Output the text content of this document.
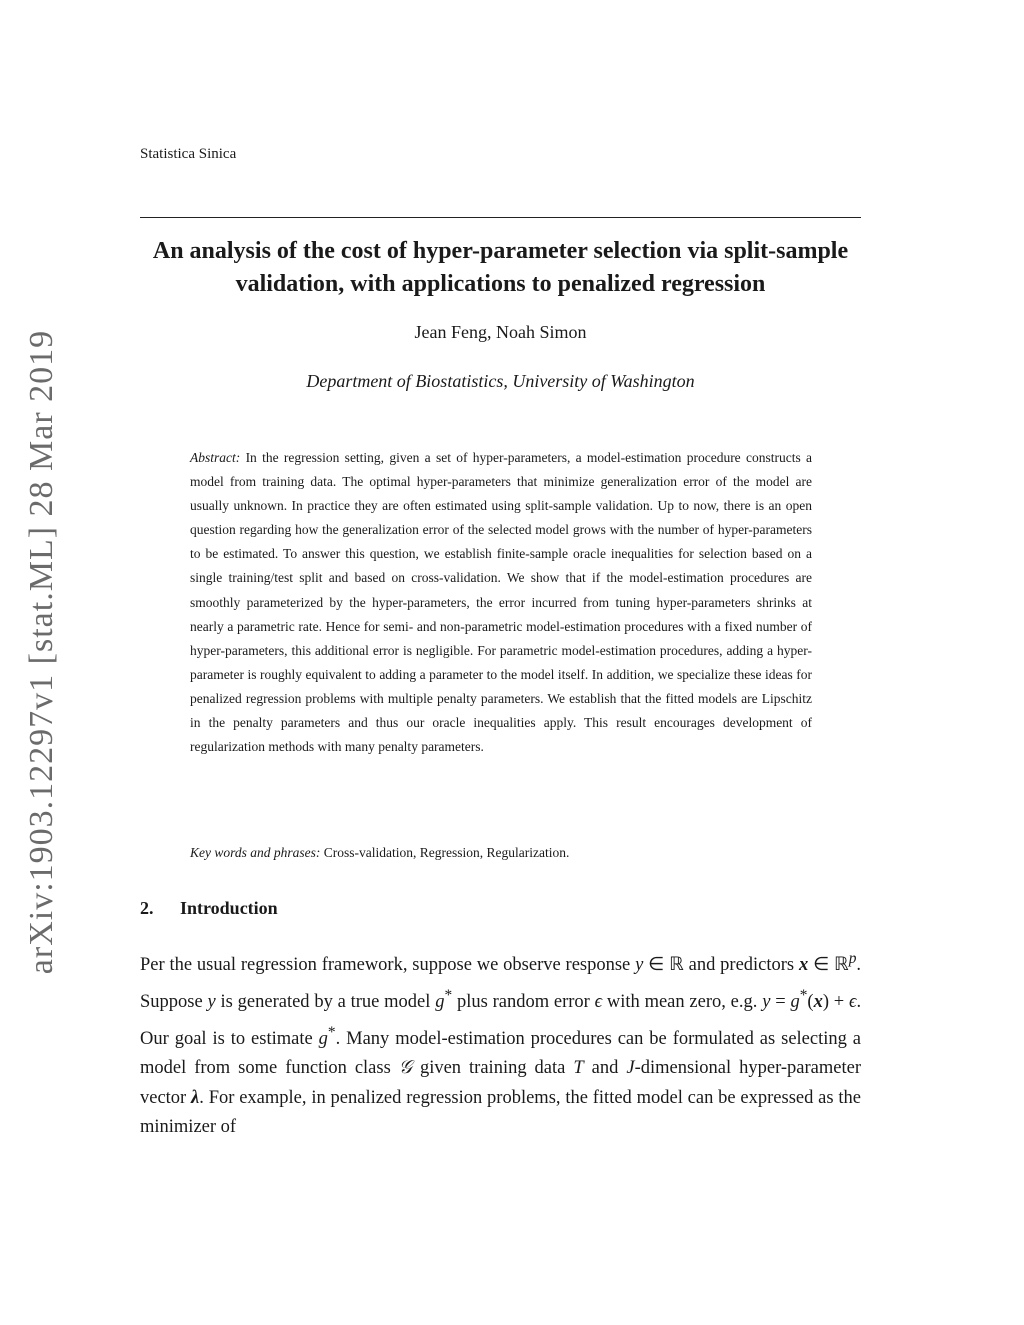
arXiv:1903.12297v1 [stat.ML] 28 Mar 2019
Statistica Sinica
An analysis of the cost of hyper-parameter selection via split-sample validation, with applications to penalized regression
Jean Feng, Noah Simon
Department of Biostatistics, University of Washington
Abstract: In the regression setting, given a set of hyper-parameters, a model-estimation procedure constructs a model from training data. The optimal hyper-parameters that minimize generalization error of the model are usually unknown. In practice they are often estimated using split-sample validation. Up to now, there is an open question regarding how the generalization error of the selected model grows with the number of hyper-parameters to be estimated. To answer this question, we establish finite-sample oracle inequalities for selection based on a single training/test split and based on cross-validation. We show that if the model-estimation procedures are smoothly parameterized by the hyper-parameters, the error incurred from tuning hyper-parameters shrinks at nearly a parametric rate. Hence for semi- and non-parametric model-estimation procedures with a fixed number of hyper-parameters, this additional error is negligible. For parametric model-estimation procedures, adding a hyper-parameter is roughly equivalent to adding a parameter to the model itself. In addition, we specialize these ideas for penalized regression problems with multiple penalty parameters. We establish that the fitted models are Lipschitz in the penalty parameters and thus our oracle inequalities apply. This result encourages development of regularization methods with many penalty parameters.
Key words and phrases: Cross-validation, Regression, Regularization.
2. Introduction
Per the usual regression framework, suppose we observe response y ∈ ℝ and predictors x ∈ ℝ$^p$. Suppose y is generated by a true model g* plus random error ϵ with mean zero, e.g. y = g*(x) + ϵ. Our goal is to estimate g*. Many model-estimation procedures can be formulated as selecting a model from some function class 𝒢 given training data T and J-dimensional hyper-parameter vector λ. For example, in penalized regression problems, the fitted model can be expressed as the minimizer of
